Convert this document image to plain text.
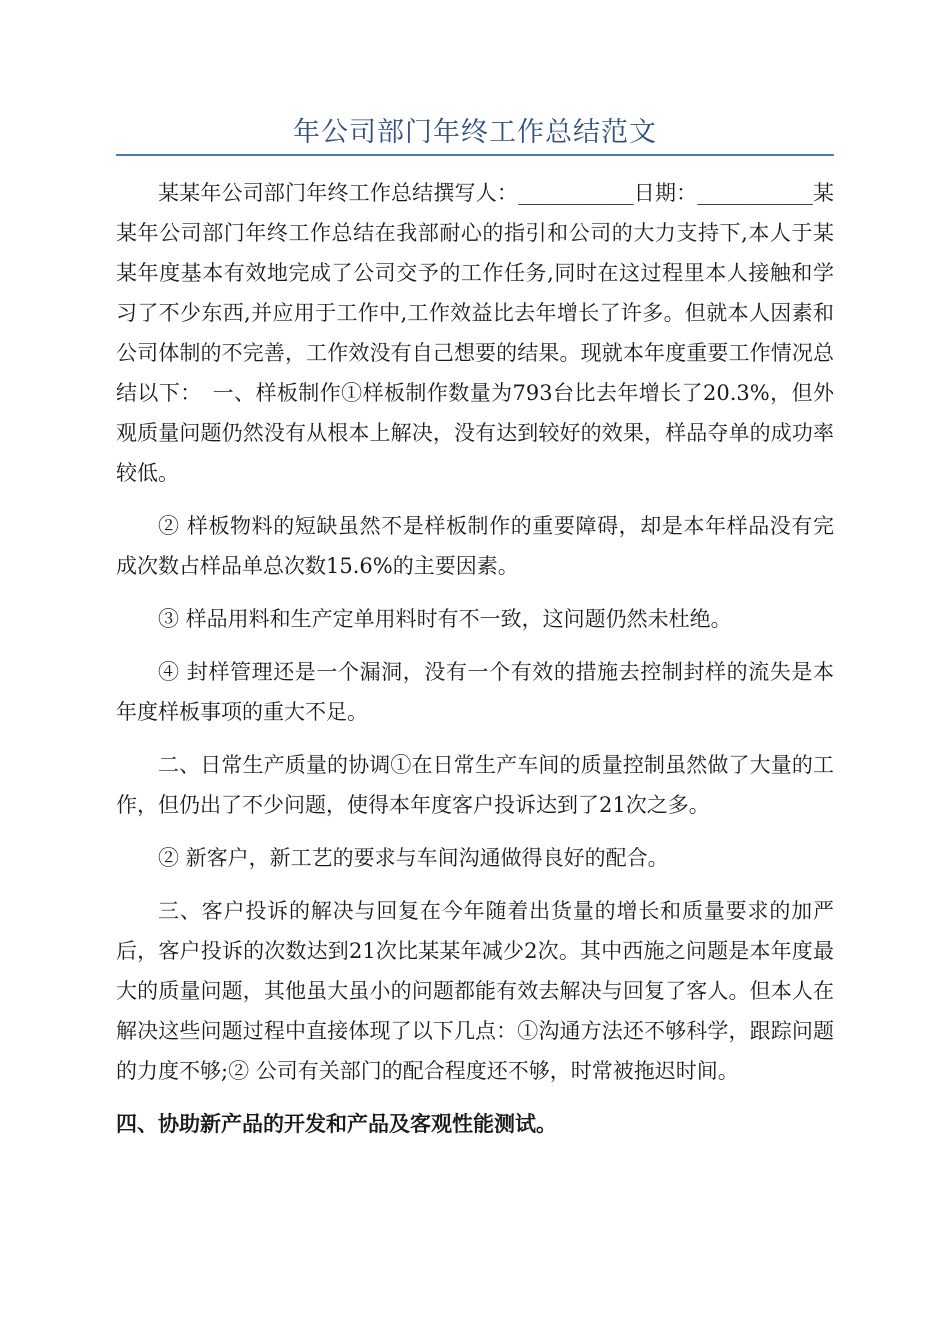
年公司部门年终工作总结范文

某某年公司部门年终工作总结撰写人：___________日期：___________某某年公司部门年终工作总结在我部耐心的指引和公司的大力支持下,本人于某某年度基本有效地完成了公司交予的工作任务,同时在这过程里本人接触和学习了不少东西,并应用于工作中,工作效益比去年增长了许多。但就本人因素和公司体制的不完善，工作效没有自己想要的结果。现就本年度重要工作情况总结以下：　一、样板制作①样板制作数量为793台比去年增长了20.3%，但外观质量问题仍然没有从根本上解决，没有达到较好的效果，样品夺单的成功率较低。

② 样板物料的短缺虽然不是样板制作的重要障碍，却是本年样品没有完成次数占样品单总次数15.6%的主要因素。

③ 样品用料和生产定单用料时有不一致，这问题仍然未杜绝。

④ 封样管理还是一个漏洞，没有一个有效的措施去控制封样的流失是本年度样板事项的重大不足。

二、日常生产质量的协调①在日常生产车间的质量控制虽然做了大量的工作，但仍出了不少问题，使得本年度客户投诉达到了21次之多。

② 新客户，新工艺的要求与车间沟通做得良好的配合。

三、客户投诉的解决与回复在今年随着出货量的增长和质量要求的加严后，客户投诉的次数达到21次比某某年减少2次。其中西施之问题是本年度最大的质量问题，其他虽大虽小的问题都能有效去解决与回复了客人。但本人在解决这些问题过程中直接体现了以下几点：①沟通方法还不够科学，跟踪问题的力度不够;② 公司有关部门的配合程度还不够，时常被拖迟时间。

四、协助新产品的开发和产品及客观性能测试。
